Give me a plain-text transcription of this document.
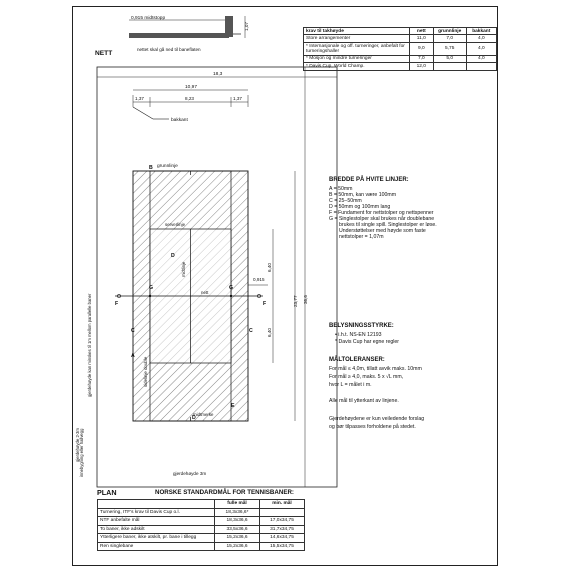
0,915 midtstopp
1,07
NETT
nettet skal gå ned til baneflaten
18,3
10,97
1,37	8,23	1,37
bakkant
grunnlinje
serverlinje
midtlinje
nett
sidelinje double
midtmerke
B
C	C
D
D
F	F
G	G
A
E
0,915
6,40
6,40
23,77 36,6
gjerdehøyde kan minskes til 1m mellom parallelle baner
innebygning eller hallvegg
gjerdehøyde 2-3m
gjerdehøyde 3m
PLAN
krav til takhøyde	nett	grunnlinje	bakkant
Store arrangementer	11,0	7,0	4,0
* Internasjonale og off. turneringer, anbefalt for turneringshaller	9,0	5,75	4,0
* Mosjon og mindre turneringer	7,0	5,0	4,0
* Davis Cup, World Champ.	12,0		
BREDDE PÅ HVITE LINJER:
A = 50mm
B = 50mm, kan være 100mm
C = 25–50mm
D = 50mm og 100mm lang
F = Fundament for nettstolper og nettspenner
G = Singlestolper skal brukes når doublebane
brukes til single spill. Singlestolper er løse.
Understøttelser med høyde som faste
nettstolper = 1,07m
BELYSNINGSSTYRKE:
• i.h.t. NS-EN 12193
* Davis Cup har egne regler
MÅLTOLERANSER:
For mål ≤ 4,0m, tillatt avvik maks. 10mm
For mål ≥ 4,0, maks. 5 x √L mm,
hvor L = målet i m.
Alle mål til ytterkant av linjene.
Gjerdehøydene er kun veiledende forslag
og bør tilpasses forholdene på stedet.
NORSKE STANDARDMÅL FOR TENNISBANER:
	fulle mål	min. mål
Turnering, ITF's krav til Davis Cup o.l.	18,3x36,6*	
NTF anbefalte mål	18,3x36,6	17,0x34,75
To baner, ikke adskilt	33,5x36,6	31,7x34,75
Ytterligere baner, ikke atskilt, pr. bane i tillegg	15,2x36,6	14,6x34,75
Ren singlebane	15,2x36,6	15,5x34,75
